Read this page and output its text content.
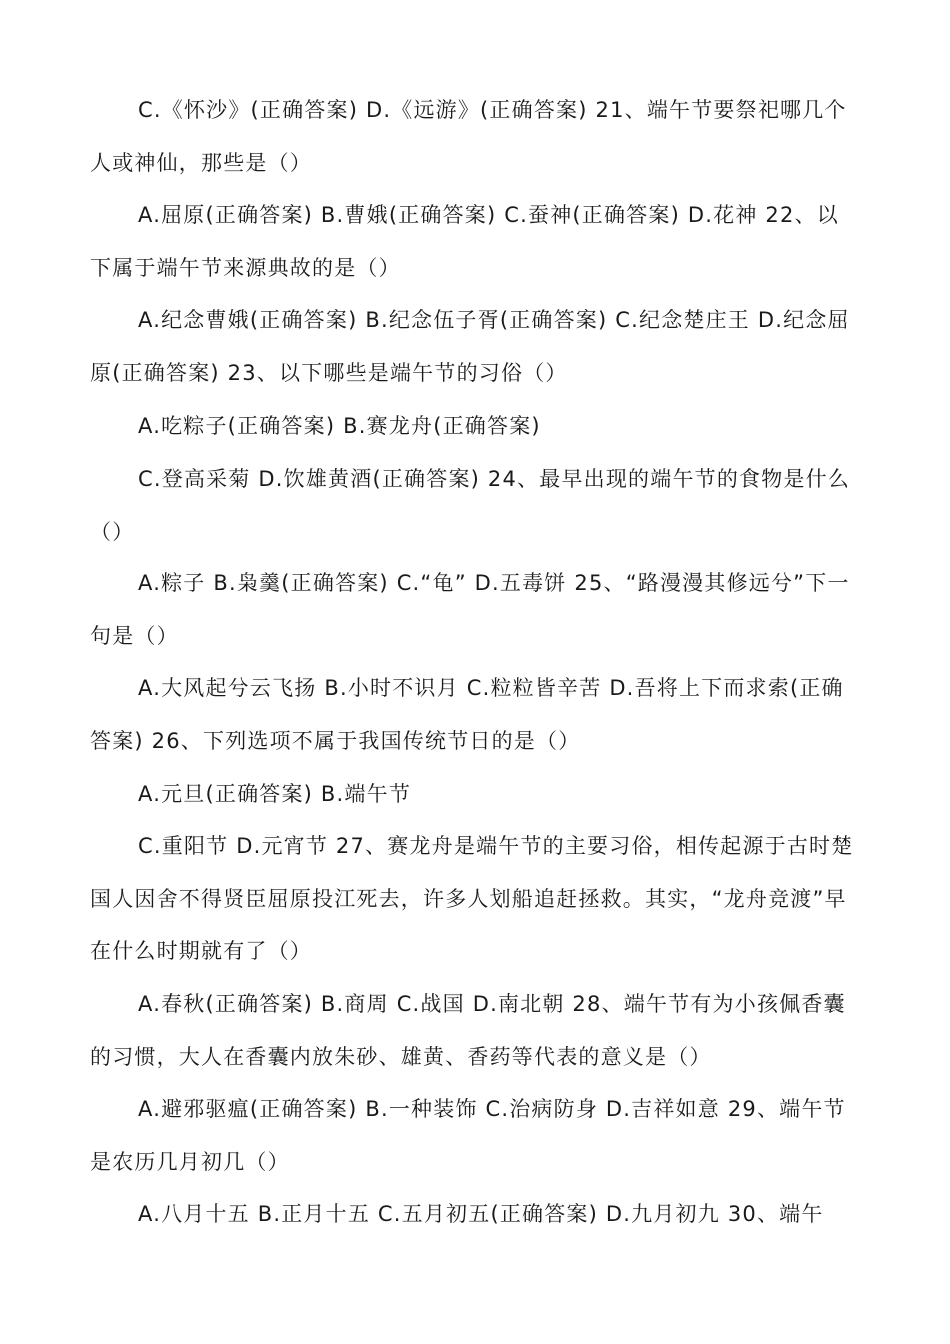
C.《怀沙》(正确答案) D.《远游》(正确答案) 21、端午节要祭祀哪几个人或神仙，那些是（）

A.屈原(正确答案) B.曹娥(正确答案) C.蚕神(正确答案) D.花神 22、以下属于端午节来源典故的是（）

A.纪念曹娥(正确答案) B.纪念伍子胥(正确答案) C.纪念楚庄王 D.纪念屈原(正确答案) 23、以下哪些是端午节的习俗（）

A.吃粽子(正确答案) B.赛龙舟(正确答案)

C.登高采菊 D.饮雄黄酒(正确答案) 24、最早出现的端午节的食物是什么（）

A.粽子 B.枭羹(正确答案) C.“龟” D.五毒饼 25、“路漫漫其修远兮”下一句是（）

A.大风起兮云飞扬 B.小时不识月 C.粒粒皆辛苦 D.吾将上下而求索(正确答案) 26、下列选项不属于我国传统节日的是（）

A.元旦(正确答案) B.端午节

C.重阳节 D.元宵节 27、赛龙舟是端午节的主要习俗，相传起源于古时楚国人因舍不得贤臣屈原投江死去，许多人划船追赶拯救。其实，“龙舟竞渡”早在什么时期就有了（）

A.春秋(正确答案) B.商周 C.战国 D.南北朝 28、端午节有为小孩佩香囊的习惯，大人在香囊内放朱砂、雄黄、香药等代表的意义是（）

A.避邪驱瘟(正确答案) B.一种装饰 C.治病防身 D.吉祥如意 29、端午节是农历几月初几（）

A.八月十五 B.正月十五 C.五月初五(正确答案) D.九月初九 30、端午
